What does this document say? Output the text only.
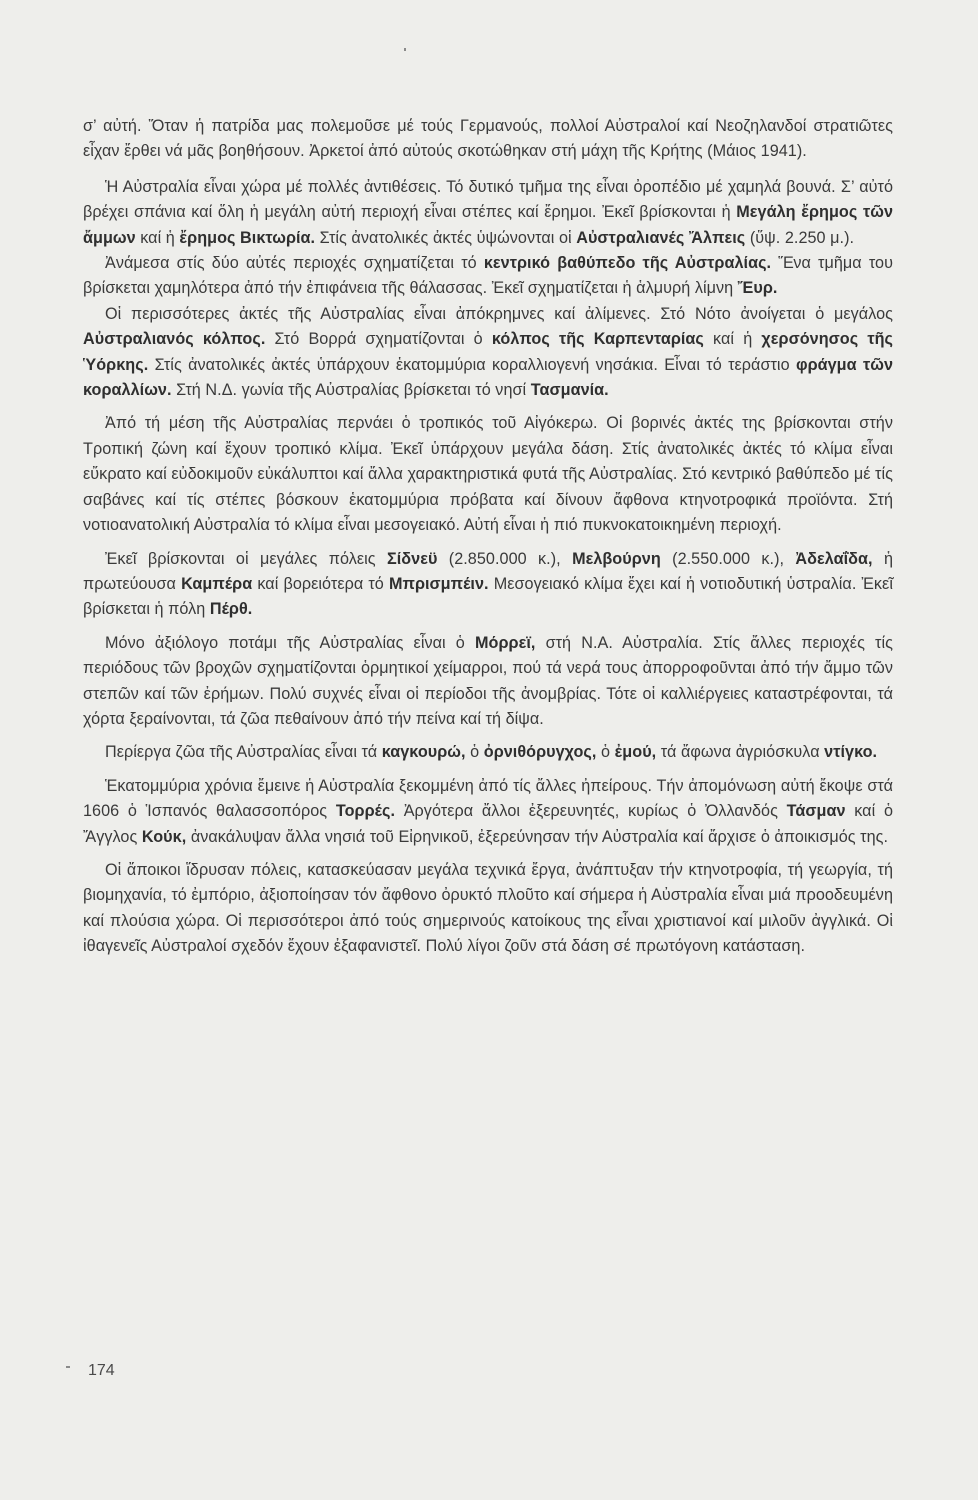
σ’ αὐτή. Ὅταν ἡ πατρίδα μας πολεμοῦσε μέ τούς Γερμανούς, πολλοί Αὐστραλοί καί Νεοζηλανδοί στρατιῶτες εἶχαν ἔρθει νά μᾶς βοηθήσουν. Ἀρκετοί ἀπό αὐτούς σκοτώθηκαν στή μάχη τῆς Κρήτης (Μάιος 1941).

Ἡ Αὐστραλία εἶναι χώρα μέ πολλές ἀντιθέσεις. Τό δυτικό τμῆμα της εἶναι ὀροπέδιο μέ χαμηλά βουνά. Σ’ αὐτό βρέχει σπάνια καί ὅλη ἡ μεγάλη αὐτή περιοχή εἶναι στέπες καί ἔρημοι. Ἐκεῖ βρίσκονται ἡ Μεγάλη ἔρημος τῶν ἄμμων καί ἡ ἔρημος Βικτωρία. Στίς ἀνατολικές ἀκτές ὑψώνονται οἱ Αὐστραλιανές Ἄλπεις (ὕψ. 2.250 μ.).

Ἀνάμεσα στίς δύο αὐτές περιοχές σχηματίζεται τό κεντρικό βαθύπεδο τῆς Αὐστραλίας. Ἕνα τμῆμα του βρίσκεται χαμηλότερα ἀπό τήν ἐπιφάνεια τῆς θάλασσας. Ἐκεῖ σχηματίζεται ἡ ἁλμυρή λίμνη Ἔυρ.

Οἱ περισσότερες ἀκτές τῆς Αὐστραλίας εἶναι ἀπόκρημνες καί ἀλίμενες. Στό Νότο ἀνοίγεται ὁ μεγάλος Αὐστραλιανός κόλπος. Στό Βορρά σχηματίζονται ὁ κόλπος τῆς Καρπενταρίας καί ἡ χερσόνησος τῆς Ὑόρκης. Στίς ἀνατολικές ἀκτές ὑπάρχουν ἑκατομμύρια κοραλλιογενή νησάκια. Εἶναι τό τεράστιο φράγμα τῶν κοραλλίων. Στή Ν.Δ. γωνία τῆς Αὐστραλίας βρίσκεται τό νησί Τασμανία.

Ἀπό τή μέση τῆς Αὐστραλίας περνάει ὁ τροπικός τοῦ Αἰγόκερω. Οἱ βορινές ἀκτές της βρίσκονται στήν Τροπική ζώνη καί ἔχουν τροπικό κλίμα. Ἐκεῖ ὑπάρχουν μεγάλα δάση. Στίς ἀνατολικές ἀκτές τό κλίμα εἶναι εὔκρατο καί εὐδοκιμοῦν εὐκάλυπτοι καί ἄλλα χαρακτηριστικά φυτά τῆς Αὐστραλίας. Στό κεντρικό βαθύπεδο μέ τίς σαβάνες καί τίς στέπες βόσκουν ἑκατομμύρια πρόβατα καί δίνουν ἄφθονα κτηνοτροφικά προϊόντα. Στή νοτιοανατολική Αὐστραλία τό κλίμα εἶναι μεσογειακό. Αὐτή εἶναι ἡ πιό πυκνοκατοικημένη περιοχή.

Ἐκεῖ βρίσκονται οἱ μεγάλες πόλεις Σίδνεϋ (2.850.000 κ.), Μελβούρνη (2.550.000 κ.), Ἀδελαΐδα, ἡ πρωτεύουσα Καμπέρα καί βορειότερα τό Μπρισμπέιν. Μεσογειακό κλίμα ἔχει καί ἡ νοτιοδυτική ὑστραλία. Ἐκεῖ βρίσκεται ἡ πόλη Πέρθ.

Μόνο ἀξιόλογο ποτάμι τῆς Αὐστραλίας εἶναι ὁ Μόρρεϊ, στή Ν.Α. Αὐστραλία. Στίς ἄλλες περιοχές τίς περιόδους τῶν βροχῶν σχηματίζονται ὁρμητικοί χείμαρροι, πού τά νερά τους ἀπορροφοῦνται ἀπό τήν ἄμμο τῶν στεπῶν καί τῶν ἐρήμων. Πολύ συχνές εἶναι οἱ περίοδοι τῆς ἀνομβρίας. Τότε οἱ καλλιέργειες καταστρέφονται, τά χόρτα ξεραίνονται, τά ζῶα πεθαίνουν ἀπό τήν πείνα καί τή δίψα.

Περίεργα ζῶα τῆς Αὐστραλίας εἶναι τά καγκουρώ, ὁ ὀρνιθόρυγχος, ὁ ἐμού, τά ἄφωνα ἀγριόσκυλα ντίγκο.

Ἑκατομμύρια χρόνια ἔμεινε ἡ Αὐστραλία ξεκομμένη ἀπό τίς ἄλλες ἠπείρους. Τήν ἀπομόνωση αὐτή ἔκοψε στά 1606 ὁ Ἱσπανός θαλασσοπόρος Τορρές. Ἀργότερα ἄλλοι ἐξερευνητές, κυρίως ὁ Ὀλλανδός Τάσμαν καί ὁ Ἄγγλος Κούκ, ἀνακάλυψαν ἄλλα νησιά τοῦ Εἰρηνικοῦ, ἐξερεύνησαν τήν Αὐστραλία καί ἄρχισε ὁ ἀποικισμός της.

Οἱ ἄποικοι ἵδρυσαν πόλεις, κατασκεύασαν μεγάλα τεχνικά ἔργα, ἀνάπτυξαν τήν κτηνοτροφία, τή γεωργία, τή βιομηχανία, τό ἐμπόριο, ἀξιοποίησαν τόν ἄφθονο ὀρυκτό πλοῦτο καί σήμερα ἡ Αὐστραλία εἶναι μιά προοδευμένη καί πλούσια χώρα. Οἱ περισσότεροι ἀπό τούς σημερινούς κατοίκους της εἶναι χριστιανοί καί μιλοῦν ἀγγλικά. Οἱ ἰθαγενεῖς Αὐστραλοί σχεδόν ἔχουν ἐξαφανιστεῖ. Πολύ λίγοι ζοῦν στά δάση σέ πρωτόγονη κατάσταση.

174
